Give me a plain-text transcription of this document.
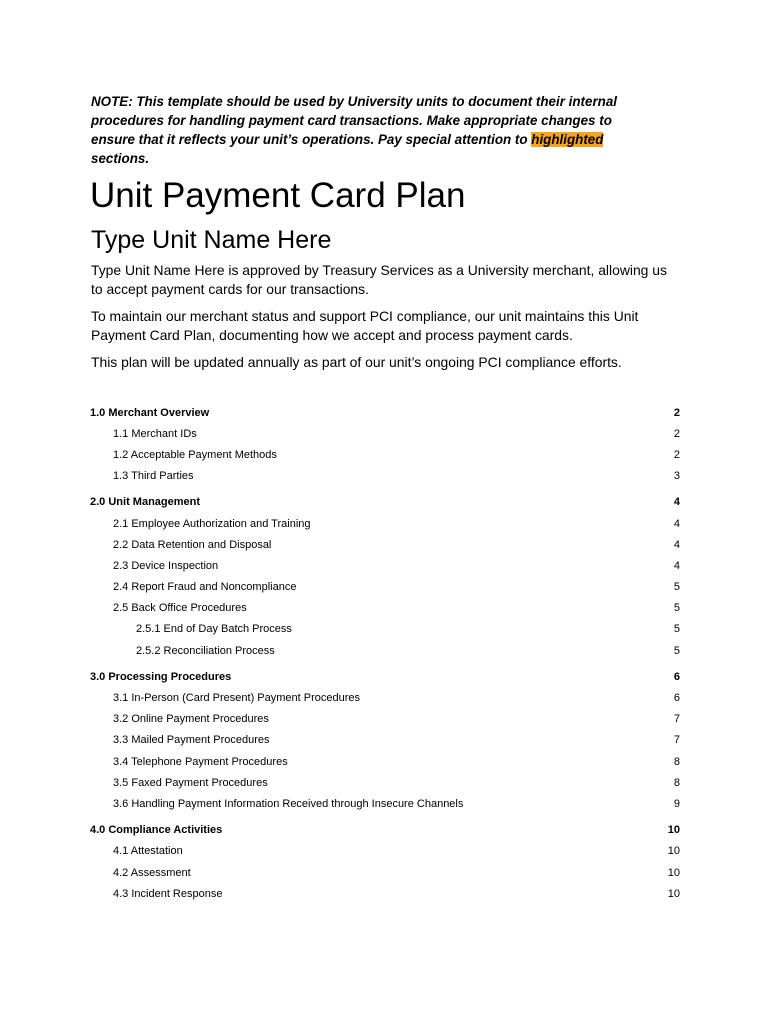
NOTE: This template should be used by University units to document their internal procedures for handling payment card transactions. Make appropriate changes to ensure that it reflects your unit’s operations. Pay special attention to highlighted sections.
Unit Payment Card Plan
Type Unit Name Here

Type Unit Name Here is approved by Treasury Services as a University merchant, allowing us to accept payment cards for our transactions.

To maintain our merchant status and support PCI compliance, our unit maintains this Unit Payment Card Plan, documenting how we accept and process payment cards.

This plan will be updated annually as part of our unit’s ongoing PCI compliance efforts.

1.0 Merchant Overview	2
1.1 Merchant IDs	2
1.2 Acceptable Payment Methods	2
1.3 Third Parties	3
2.0 Unit Management	4
2.1 Employee Authorization and Training	4
2.2 Data Retention and Disposal	4
2.3 Device Inspection	4
2.4 Report Fraud and Noncompliance	5
2.5 Back Office Procedures	5
2.5.1 End of Day Batch Process	5
2.5.2 Reconciliation Process	5
3.0 Processing Procedures	6
3.1 In-Person (Card Present) Payment Procedures	6
3.2 Online Payment Procedures	7
3.3 Mailed Payment Procedures	7
3.4 Telephone Payment Procedures	8
3.5 Faxed Payment Procedures	8
3.6 Handling Payment Information Received through Insecure Channels	9
4.0 Compliance Activities	10
4.1 Attestation	10
4.2 Assessment	10
4.3 Incident Response	10
